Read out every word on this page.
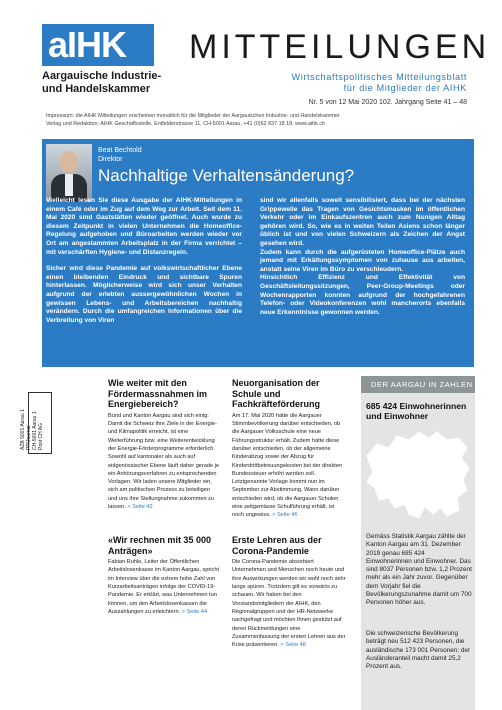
aIHK
Aargauische Industrie-
und Handelskammer
MITTEILUNGEN
Wirtschaftspolitisches Mitteilungsblatt
für die Mitglieder der AIHK
Nr. 5 von 12 Mai 2020 102. Jahrgang Seite 41 – 48
Impressum: die AIHK Mitteilungen erscheinen monatlich für die Mitglieder der Aargauischen Industrie- und Handelskammer
Verlag und Redaktion: AIHK Geschäftsstelle, Entfelderstrasse 11, CH-5001 Aarau, +41 (0)62 837 18 18, www.aihk.ch
Beat Bechtold
Direktor
Nachhaltige Verhaltensänderung?

Vielleicht lesen Sie diese Ausgabe der AIHK-Mitteilungen in einem Café oder im Zug auf dem Weg zur Arbeit. Seit dem 11. Mai 2020 sind Gaststätten wieder geöffnet. Auch wurde zu diesem Zeitpunkt in vielen Unternehmen die Homeoffice-Regelung aufgehoben und Büroarbeiten werden wieder vor Ort am angestammten Arbeitsplatz in der Firma verrichtet – mit verschärften Hygiene- und Distanzregeln.

Sicher wird diese Pandemie auf volkswirtschaftlicher Ebene einen bleibenden Eindruck und sichtbare Spuren hinterlassen. Möglicherweise wird sich unser Verhalten aufgrund der erlebten aussergewöhnlichen Wochen in gewissen Lebens- und Arbeitsbereichen nachhaltig verändern. Durch die umfangreichen Informationen über die Verbreitung von Viren

sind wir allenfalls soweit sensibilisiert, dass bei der nächsten Grippewelle das Tragen von Gesichtsmasken im öffentlichen Verkehr oder im Einkaufszentren auch zum Nsnigen Alltag gehören wird. So, wie es in weiten Teilen Asiens schon länger üblich ist und von vielen Schweizern als Zeichen der Angst gesehen wird.

Zudem kann durch die aufgerüsteten Homeoffice-Plätze auch jemand mit Erkältungssymptomen von zuhause aus arbeiten, anstatt seine Viren im Büro zu verschleudern.

Hinsichtlich Effizienz und Effektivität von Geschäftsleitungssitzungen, Peer-Group-Meetings oder Wochenrapporten konnten aufgrund der hochgefahrenen Telefon- oder Videokonferenzen wohl mancherorts ebenfalls neue Erkenntnisse gewonnen werden.

AZB 5001 Aarau 1
PP/Journal
CH-5001 Aarau 1
Post CH AG
Wie weiter mit den Fördermassnahmen im Energiebereich?
Bund und Kanton Aargau sind sich einig: Damit die Schweiz ihre Ziele in der Energie- und Klimapolitik erreicht, ist eine Weiterführung bzw. eine Weiterentwicklung der Energie-Förderprogramme erforderlich. Sowohl auf kantonaler als auch auf eidgenössischer Ebene läuft daher gerade je ein Anhörungsverfahren zu entsprechenden Vorlagen. Wir laden unsere Mitglieder ein, sich am politischen Prozess zu beteiligen und uns ihre Stellungnahme zukommen zu lassen. > Seite 42
«Wir rechnen mit 35 000 Anträgen»
Fabian Ruhle, Leiter der Öffentlichen Arbeitslosenkasse im Kanton Aargau, spricht im Interview über die extrem hohe Zahl von Kurzarbeitsanträgen infolge der COVID-19-Pandemie. Er erklärt, was Unternehmen tun können, um den Arbeitslosenkassen die Auszahlungen zu erleichtern. > Seite 44
Neuorganisation der Schule und Fachkräfteförderung
Am 17. Mai 2020 hätte die Aargauer Stimmbevölkerung darüber entschieden, ob die Aargauer Volksschule eine neue Führungsstruktur erhält. Zudem hätte diese darüber entschieden, ob der allgemeine Kinderabzug sowie der Abzug für Kinderdrittbetreuungskosten bei der direkten Bundessteuer erhöht werden soll. Letztgenannte Vorlage kommt nun im September zur Abstimmung. Wann darüber entschieden wird, ob die Aargauer Schulen eine zeitgemässe Schulführung erhält, ist noch ungewiss. > Seite 46
Erste Lehren aus der Corona-Pandemie
Die Corona-Pandemie absorbiert Unternehmen und Menschen noch heute und ihre Auswirkungen werden wir wohl noch sehr lange spüren. Trotzdem gilt es vorwärts zu schauen. Wir haben bei den Vorstandsmitgliedern der AIHK, den Regionalgruppen und der HR-Netzwerke nachgefragt und möchten Ihnen gestützt auf deren Rückmeldungen eine Zusammenfassung der ersten Lehren aus der Krise präsentieren. > Seite 48
DER AARGAU IN ZAHLEN
685 424 Einwohnerinnen und Einwohner
Gemäss Statistik Aargau zählte der Kanton Aargau am 31. Dezember 2019 genau 685 424 Einwohnerinnen und Einwohner. Das sind 8037 Personen bzw. 1,2 Prozent mehr als ein Jahr zuvor. Gegenüber dem Vorjahr fiel die Bevölkerungszunahme damit um 700 Personen höher aus.
Die schweizerische Bevölkerung beträgt neu 512 423 Personen, die ausländische 173 001 Personen; der Ausländeranteil macht damit 25,2 Prozent aus.
